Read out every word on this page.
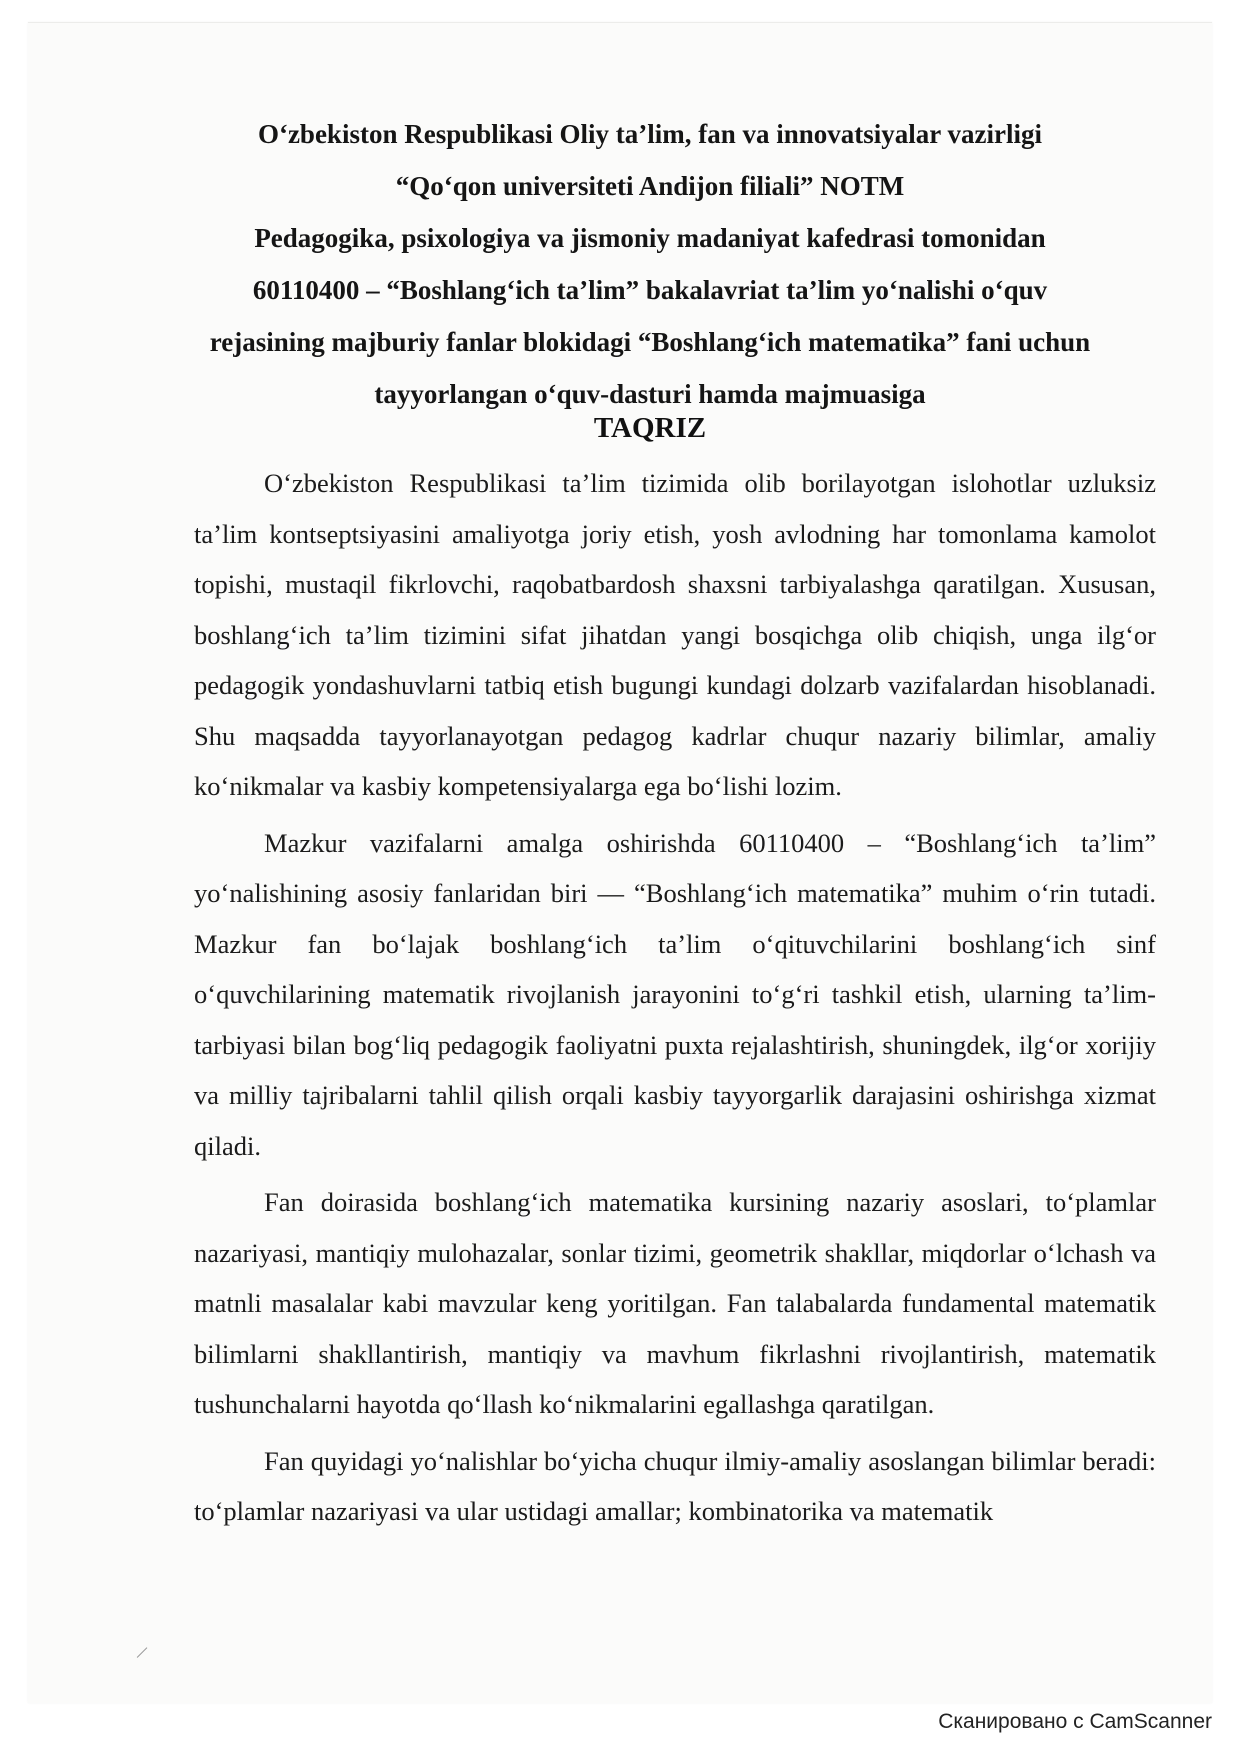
O‘zbekiston Respublikasi Oliy ta’lim, fan va innovatsiyalar vazirligi
“Qo‘qon universiteti Andijon filiali” NOTM
Pedagogika, psixologiya va jismoniy madaniyat kafedrasi tomonidan
60110400 – “Boshlang‘ich ta’lim” bakalavriat ta’lim yo‘nalishi o‘quv
rejasining majburiy fanlar blokidagi “Boshlang‘ich matematika” fani uchun
tayyorlangan o‘quv-dasturi hamda majmuasiga
TAQRIZ

O‘zbekiston Respublikasi ta’lim tizimida olib borilayotgan islohotlar uzluksiz ta’lim kontseptsiyasini amaliyotga joriy etish, yosh avlodning har tomonlama kamolot topishi, mustaqil fikrlovchi, raqobatbardosh shaxsni tarbiyalashga qaratilgan. Xususan, boshlang‘ich ta’lim tizimini sifat jihatdan yangi bosqichga olib chiqish, unga ilg‘or pedagogik yondashuvlarni tatbiq etish bugungi kundagi dolzarb vazifalardan hisoblanadi. Shu maqsadda tayyorlanayotgan pedagog kadrlar chuqur nazariy bilimlar, amaliy ko‘nikmalar va kasbiy kompetensiyalarga ega bo‘lishi lozim.

Mazkur vazifalarni amalga oshirishda 60110400 – “Boshlang‘ich ta’lim” yo‘nalishining asosiy fanlaridan biri — “Boshlang‘ich matematika” muhim o‘rin tutadi. Mazkur fan bo‘lajak boshlang‘ich ta’lim o‘qituvchilarini boshlang‘ich sinf o‘quvchilarining matematik rivojlanish jarayonini to‘g‘ri tashkil etish, ularning ta’lim-tarbiyasi bilan bog‘liq pedagogik faoliyatni puxta rejalashtirish, shuningdek, ilg‘or xorijiy va milliy tajribalarni tahlil qilish orqali kasbiy tayyorgarlik darajasini oshirishga xizmat qiladi.

Fan doirasida boshlang‘ich matematika kursining nazariy asoslari, to‘plamlar nazariyasi, mantiqiy mulohazalar, sonlar tizimi, geometrik shakllar, miqdorlar o‘lchash va matnli masalalar kabi mavzular keng yoritilgan. Fan talabalarda fundamental matematik bilimlarni shakllantirish, mantiqiy va mavhum fikrlashni rivojlantirish, matematik tushunchalarni hayotda qo‘llash ko‘nikmalarini egallashga qaratilgan.

Fan quyidagi yo‘nalishlar bo‘yicha chuqur ilmiy-amaliy asoslangan bilimlar beradi: to‘plamlar nazariyasi va ular ustidagi amallar; kombinatorika va matematik

Сканировано с CamScanner
